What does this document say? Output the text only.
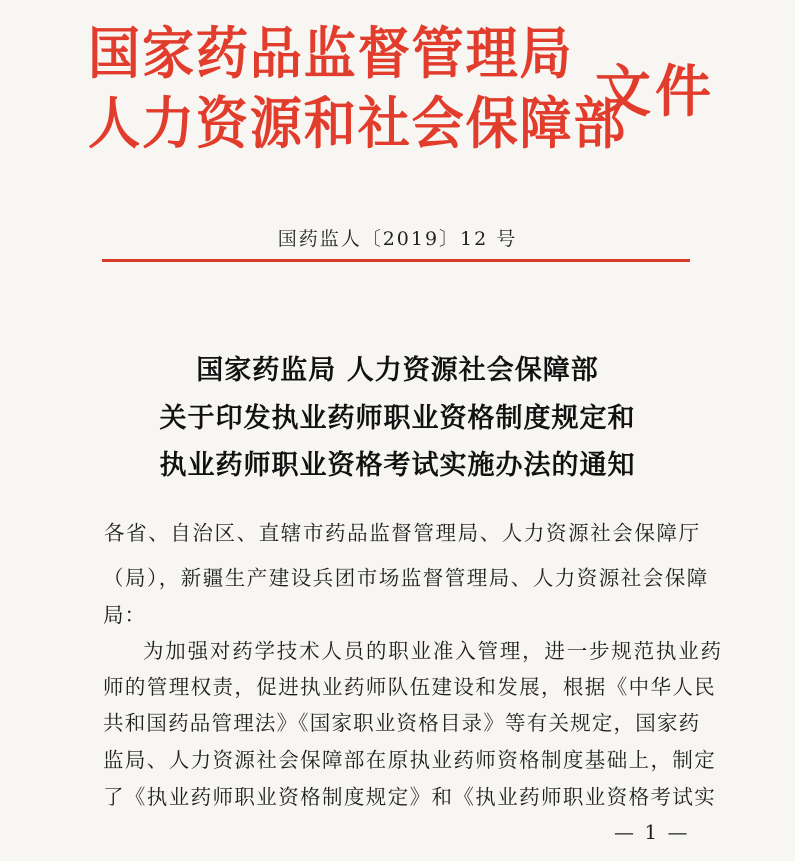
国家药品监督管理局
人力资源和社会保障部
文件
国药监人〔2019〕12 号
国家药监局 人力资源社会保障部
关于印发执业药师职业资格制度规定和
执业药师职业资格考试实施办法的通知
各省、自治区、直辖市药品监督管理局、人力资源社会保障厅
（局），新疆生产建设兵团市场监督管理局、人力资源社会保障
局：
为加强对药学技术人员的职业准入管理，进一步规范执业药
师的管理权责，促进执业药师队伍建设和发展，根据《中华人民
共和国药品管理法》《国家职业资格目录》等有关规定，国家药
监局、人力资源社会保障部在原执业药师资格制度基础上，制定
了《执业药师职业资格制度规定》和《执业药师职业资格考试实
— 1 —
